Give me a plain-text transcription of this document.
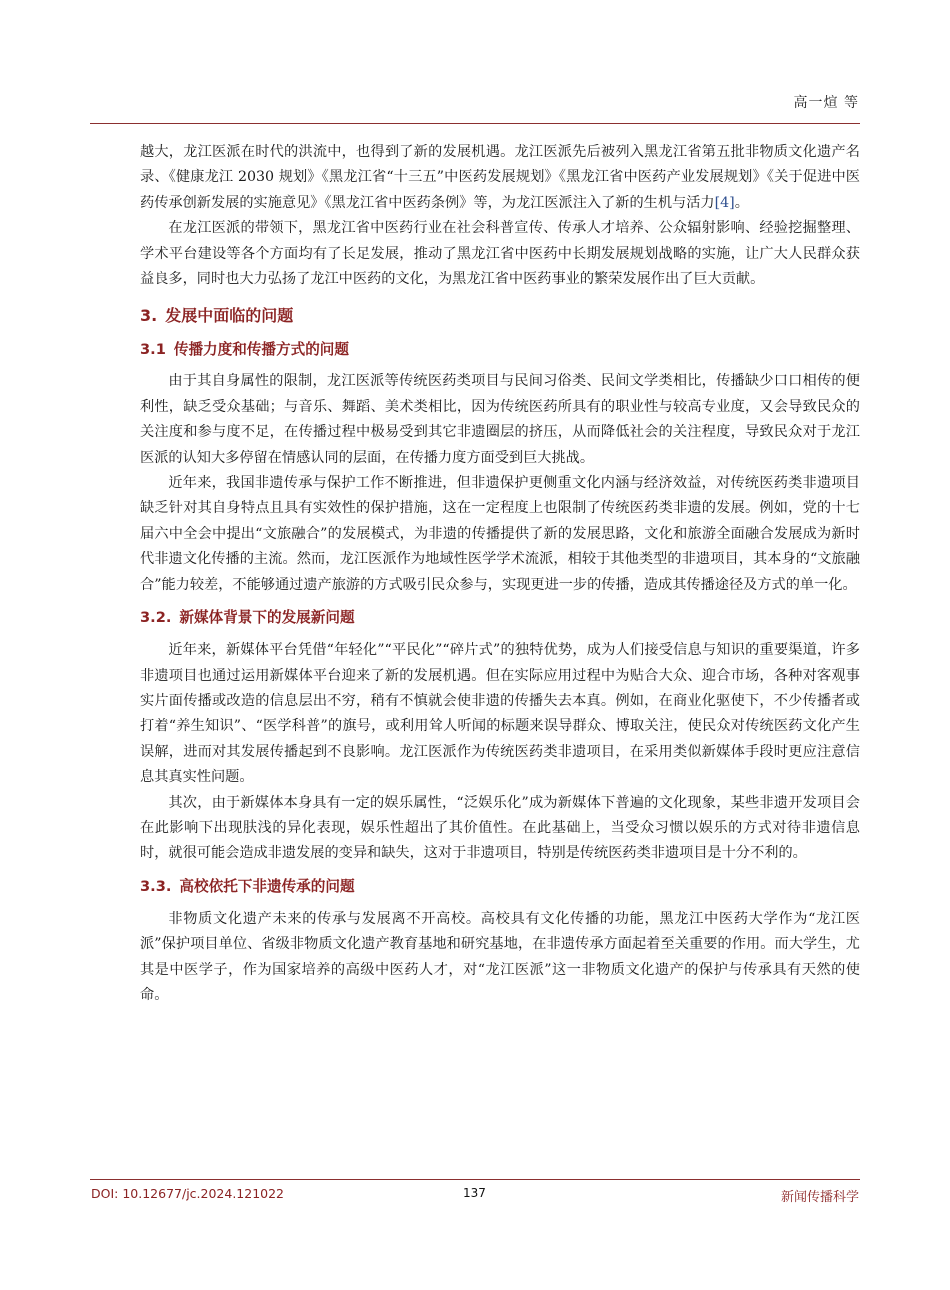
高一煊 等

越大，龙江医派在时代的洪流中，也得到了新的发展机遇。龙江医派先后被列入黑龙江省第五批非物质文化遗产名录、《健康龙江 2030 规划》《黑龙江省“十三五”中医药发展规划》《黑龙江省中医药产业发展规划》《关于促进中医药传承创新发展的实施意见》《黑龙江省中医药条例》等，为龙江医派注入了新的生机与活力[4]。

在龙江医派的带领下，黑龙江省中医药行业在社会科普宣传、传承人才培养、公众辐射影响、经验挖掘整理、学术平台建设等各个方面均有了长足发展，推动了黑龙江省中医药中长期发展规划战略的实施，让广大人民群众获益良多，同时也大力弘扬了龙江中医药的文化，为黑龙江省中医药事业的繁荣发展作出了巨大贡献。

3. 发展中面临的问题
3.1 传播力度和传播方式的问题

由于其自身属性的限制，龙江医派等传统医药类项目与民间习俗类、民间文学类相比，传播缺少口口相传的便利性，缺乏受众基础；与音乐、舞蹈、美术类相比，因为传统医药所具有的职业性与较高专业度，又会导致民众的关注度和参与度不足，在传播过程中极易受到其它非遗圈层的挤压，从而降低社会的关注程度，导致民众对于龙江医派的认知大多停留在情感认同的层面，在传播力度方面受到巨大挑战。

近年来，我国非遗传承与保护工作不断推进，但非遗保护更侧重文化内涵与经济效益，对传统医药类非遗项目缺乏针对其自身特点且具有实效性的保护措施，这在一定程度上也限制了传统医药类非遗的发展。例如，党的十七届六中全会中提出“文旅融合”的发展模式，为非遗的传播提供了新的发展思路，文化和旅游全面融合发展成为新时代非遗文化传播的主流。然而，龙江医派作为地域性医学学术流派，相较于其他类型的非遗项目，其本身的“文旅融合”能力较差，不能够通过遗产旅游的方式吸引民众参与，实现更进一步的传播，造成其传播途径及方式的单一化。

3.2. 新媒体背景下的发展新问题

近年来，新媒体平台凭借“年轻化”“平民化”“碎片式”的独特优势，成为人们接受信息与知识的重要渠道，许多非遗项目也通过运用新媒体平台迎来了新的发展机遇。但在实际应用过程中为贴合大众、迎合市场，各种对客观事实片面传播或改造的信息层出不穷，稍有不慎就会使非遗的传播失去本真。例如，在商业化驱使下，不少传播者或打着“养生知识”、“医学科普”的旗号，或利用耸人听闻的标题来误导群众、博取关注，使民众对传统医药文化产生误解，进而对其发展传播起到不良影响。龙江医派作为传统医药类非遗项目，在采用类似新媒体手段时更应注意信息其真实性问题。

其次，由于新媒体本身具有一定的娱乐属性，“泛娱乐化”成为新媒体下普遍的文化现象，某些非遗开发项目会在此影响下出现肤浅的异化表现，娱乐性超出了其价值性。在此基础上，当受众习惯以娱乐的方式对待非遗信息时，就很可能会造成非遗发展的变异和缺失，这对于非遗项目，特别是传统医药类非遗项目是十分不利的。

3.3. 高校依托下非遗传承的问题

非物质文化遗产未来的传承与发展离不开高校。高校具有文化传播的功能，黑龙江中医药大学作为“龙江医派”保护项目单位、省级非物质文化遗产教育基地和研究基地，在非遗传承方面起着至关重要的作用。而大学生，尤其是中医学子，作为国家培养的高级中医药人才，对“龙江医派”这一非物质文化遗产的保护与传承具有天然的使命。

DOI: 10.12677/jc.2024.121022	137	新闻传播科学
